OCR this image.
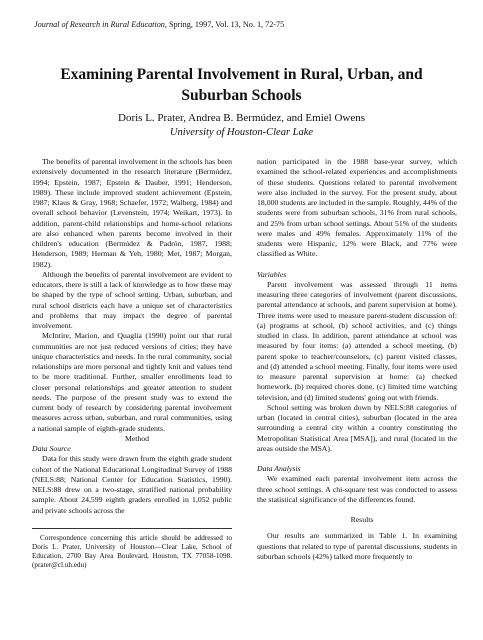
Journal of Research in Rural Education, Spring, 1997, Vol. 13, No. 1, 72-75
Examining Parental Involvement in Rural, Urban, and Suburban Schools
Doris L. Prater, Andrea B. Bermúdez, and Emiel Owens
University of Houston-Clear Lake

The benefits of parental involvement in the schools has been extensively documented in the research literature (Bermúdez, 1994; Epstein, 1987; Epstein & Dauber, 1991; Henderson, 1989). These include improved student achievement (Epstein, 1987; Klaus & Gray, 1968; Schaefer, 1972; Walberg, 1984) and overall school behavior (Levenstein, 1974; Weikart, 1973). In addition, parent-child relationships and home-school relations are also enhanced when parents become involved in their children's education (Bermúdez & Padrón, 1987, 1988; Henderson, 1989; Herman & Yeh, 1980; Met, 1987; Morgan, 1982).

Although the benefits of parental involvement are evident to educators, there is still a lack of knowledge as to how these may be shaped by the type of school setting. Urban, suburban, and rural school districts each have a unique set of characteristics and problems that may impact the degree of parental involvement.

McIntire, Marion, and Quaglia (1990) point out that rural communities are not just reduced versions of cities; they have unique characteristics and needs. In the rural community, social relationships are more personal and tightly knit and values tend to be more traditional. Further, smaller enrollments lead to closer personal relationships and greater attention to student needs. The purpose of the present study was to extend the current body of research by considering parental involvement measures across urban, suburban, and rural communities, using a national sample of eighth-grade students.

Method

Data Source

Data for this study were drawn from the eighth grade student cohort of the National Educational Longitudinal Survey of 1988 (NELS:88; National Center for Education Statistics, 1990). NELS:88 drew on a two-stage, stratified national probability sample. About 24,599 eighth graders enrolled in 1,052 public and private schools across the

Correspondence concerning this article should be addressed to Doris L. Prater, University of Houston—Clear Lake, School of Education, 2700 Bay Area Boulevard, Houston, TX 77058-1098. (prater@cl.uh.edu)

nation participated in the 1988 base-year survey, which examined the school-related experiences and accomplishments of these students. Questions related to parental involvement were also included in the survey. For the present study, about 18,000 students are included in the sample. Roughly, 44% of the students were from suburban schools, 31% from rural schools, and 25% from urban school settings. About 51% of the students were males and 49% females. Approximately 11% of the students were Hispanic, 12% were Black, and 77% were classified as White.

Variables

Parent involvement was assessed through 11 items measuring three categories of involvement (parent discussions, parental attendance at schools, and parent supervision at home). Three items were used to measure parent-student discussion of: (a) programs at school, (b) school activities, and (c) things studied in class. In addition, parent attendance at school was measured by four items: (a) attended a school meeting, (b) parent spoke to teacher/counselors, (c) parent visited classes, and (d) attended a school meeting. Finally, four items were used to measure parental supervision at home: (a) checked homework, (b) required chores done, (c) limited time watching television, and (d) limited students' going out with friends.

School setting was broken down by NELS:88 categories of urban (located in central cities), suburban (located in the area surrounding a central city within a country constituting the Metropolitan Statistical Area [MSA]), and rural (located in the areas outside the MSA).

Data Analysis

We examined each parental involvement item across the three school settings. A chi-square test was conducted to assess the statistical significance of the differences found.

Results

Our results are summarized in Table 1. In examining questions that related to type of parental discussions, students in suburban schools (42%) talked more frequently to
